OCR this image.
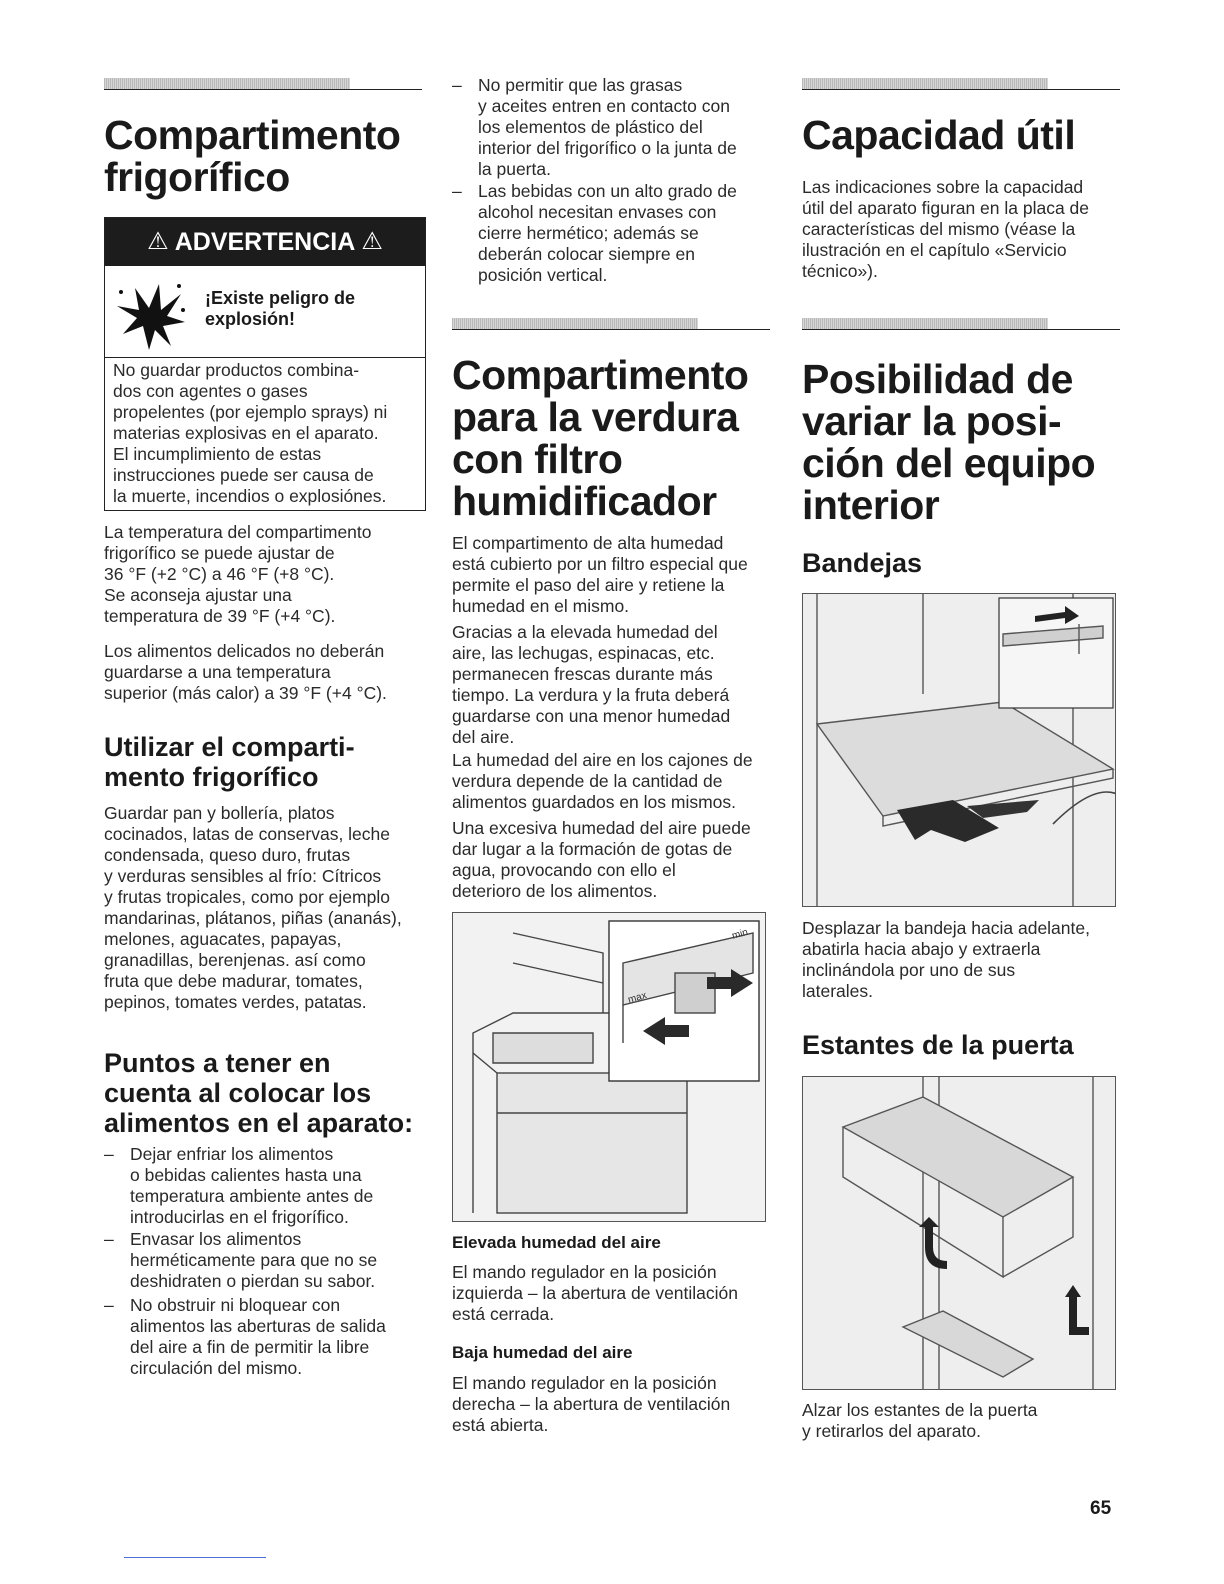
Compartimento
frigorífico
⚠ ADVERTENCIA ⚠
¡Existe peligro de
explosión!
No guardar productos combina-
dos con agentes o gases
propelentes (por ejemplo sprays) ni
materias explosivas en el aparato.
El incumplimiento de estas
instrucciones puede ser causa de
la muerte, incendios o explosiónes.
La temperatura del compartimento
frigorífico se puede ajustar de
36 °F (+2 °C) a 46 °F (+8 °C).
Se aconseja ajustar una
temperatura de 39 °F (+4 °C).
Los alimentos delicados no deberán
guardarse a una temperatura
superior (más calor) a 39 °F (+4 °C).
Utilizar el comparti-
mento frigorífico
Guardar pan y bollería, platos
cocinados, latas de conservas, leche
condensada, queso duro, frutas
y verduras sensibles al frío: Cítricos
y frutas tropicales, como por ejemplo
mandarinas, plátanos, piñas (ananás),
melones, aguacates, papayas,
granadillas, berenjenas. así como
fruta que debe madurar, tomates,
pepinos, tomates verdes, patatas.
Puntos a tener en
cuenta al colocar los
alimentos en el aparato:
– Dejar enfriar los alimentos
o bebidas calientes hasta una
temperatura ambiente antes de
introducirlas en el frigorífico.
– Envasar los alimentos
herméticamente para que no se
deshidraten o pierdan su sabor.
– No obstruir ni bloquear con
alimentos las aberturas de salida
del aire a fin de permitir la libre
circulación del mismo.
– No permitir que las grasas
y aceites entren en contacto con
los elementos de plástico del
interior del frigorífico o la junta de
la puerta.
– Las bebidas con un alto grado de
alcohol necesitan envases con
cierre hermético; además se
deberán colocar siempre en
posición vertical.
Compartimento
para la verdura
con filtro
humidificador
El compartimento de alta humedad
está cubierto por un filtro especial que
permite el paso del aire y retiene la
humedad en el mismo.
Gracias a la elevada humedad del
aire, las lechugas, espinacas, etc.
permanecen frescas durante más
tiempo. La verdura y la fruta deberá
guardarse con una menor humedad
del aire.
La humedad del aire en los cajones de
verdura depende de la cantidad de
alimentos guardados en los mismos.
Una excesiva humedad del aire puede
dar lugar a la formación de gotas de
agua, provocando con ello el
deterioro de los alimentos.
max
min
Elevada humedad del aire
El mando regulador en la posición
izquierda – la abertura de ventilación
está cerrada.
Baja humedad del aire
El mando regulador en la posición
derecha – la abertura de ventilación
está abierta.
Capacidad útil
Las indicaciones sobre la capacidad
útil del aparato figuran en la placa de
características del mismo (véase la
ilustración en el capítulo «Servicio
técnico»).
Posibilidad de
variar la posi-
ción del equipo
interior
Bandejas
Desplazar la bandeja hacia adelante,
abatirla hacia abajo y extraerla
inclinándola por uno de sus
laterales.
Estantes de la puerta
Alzar los estantes de la puerta
y retirarlos del aparato.
65
